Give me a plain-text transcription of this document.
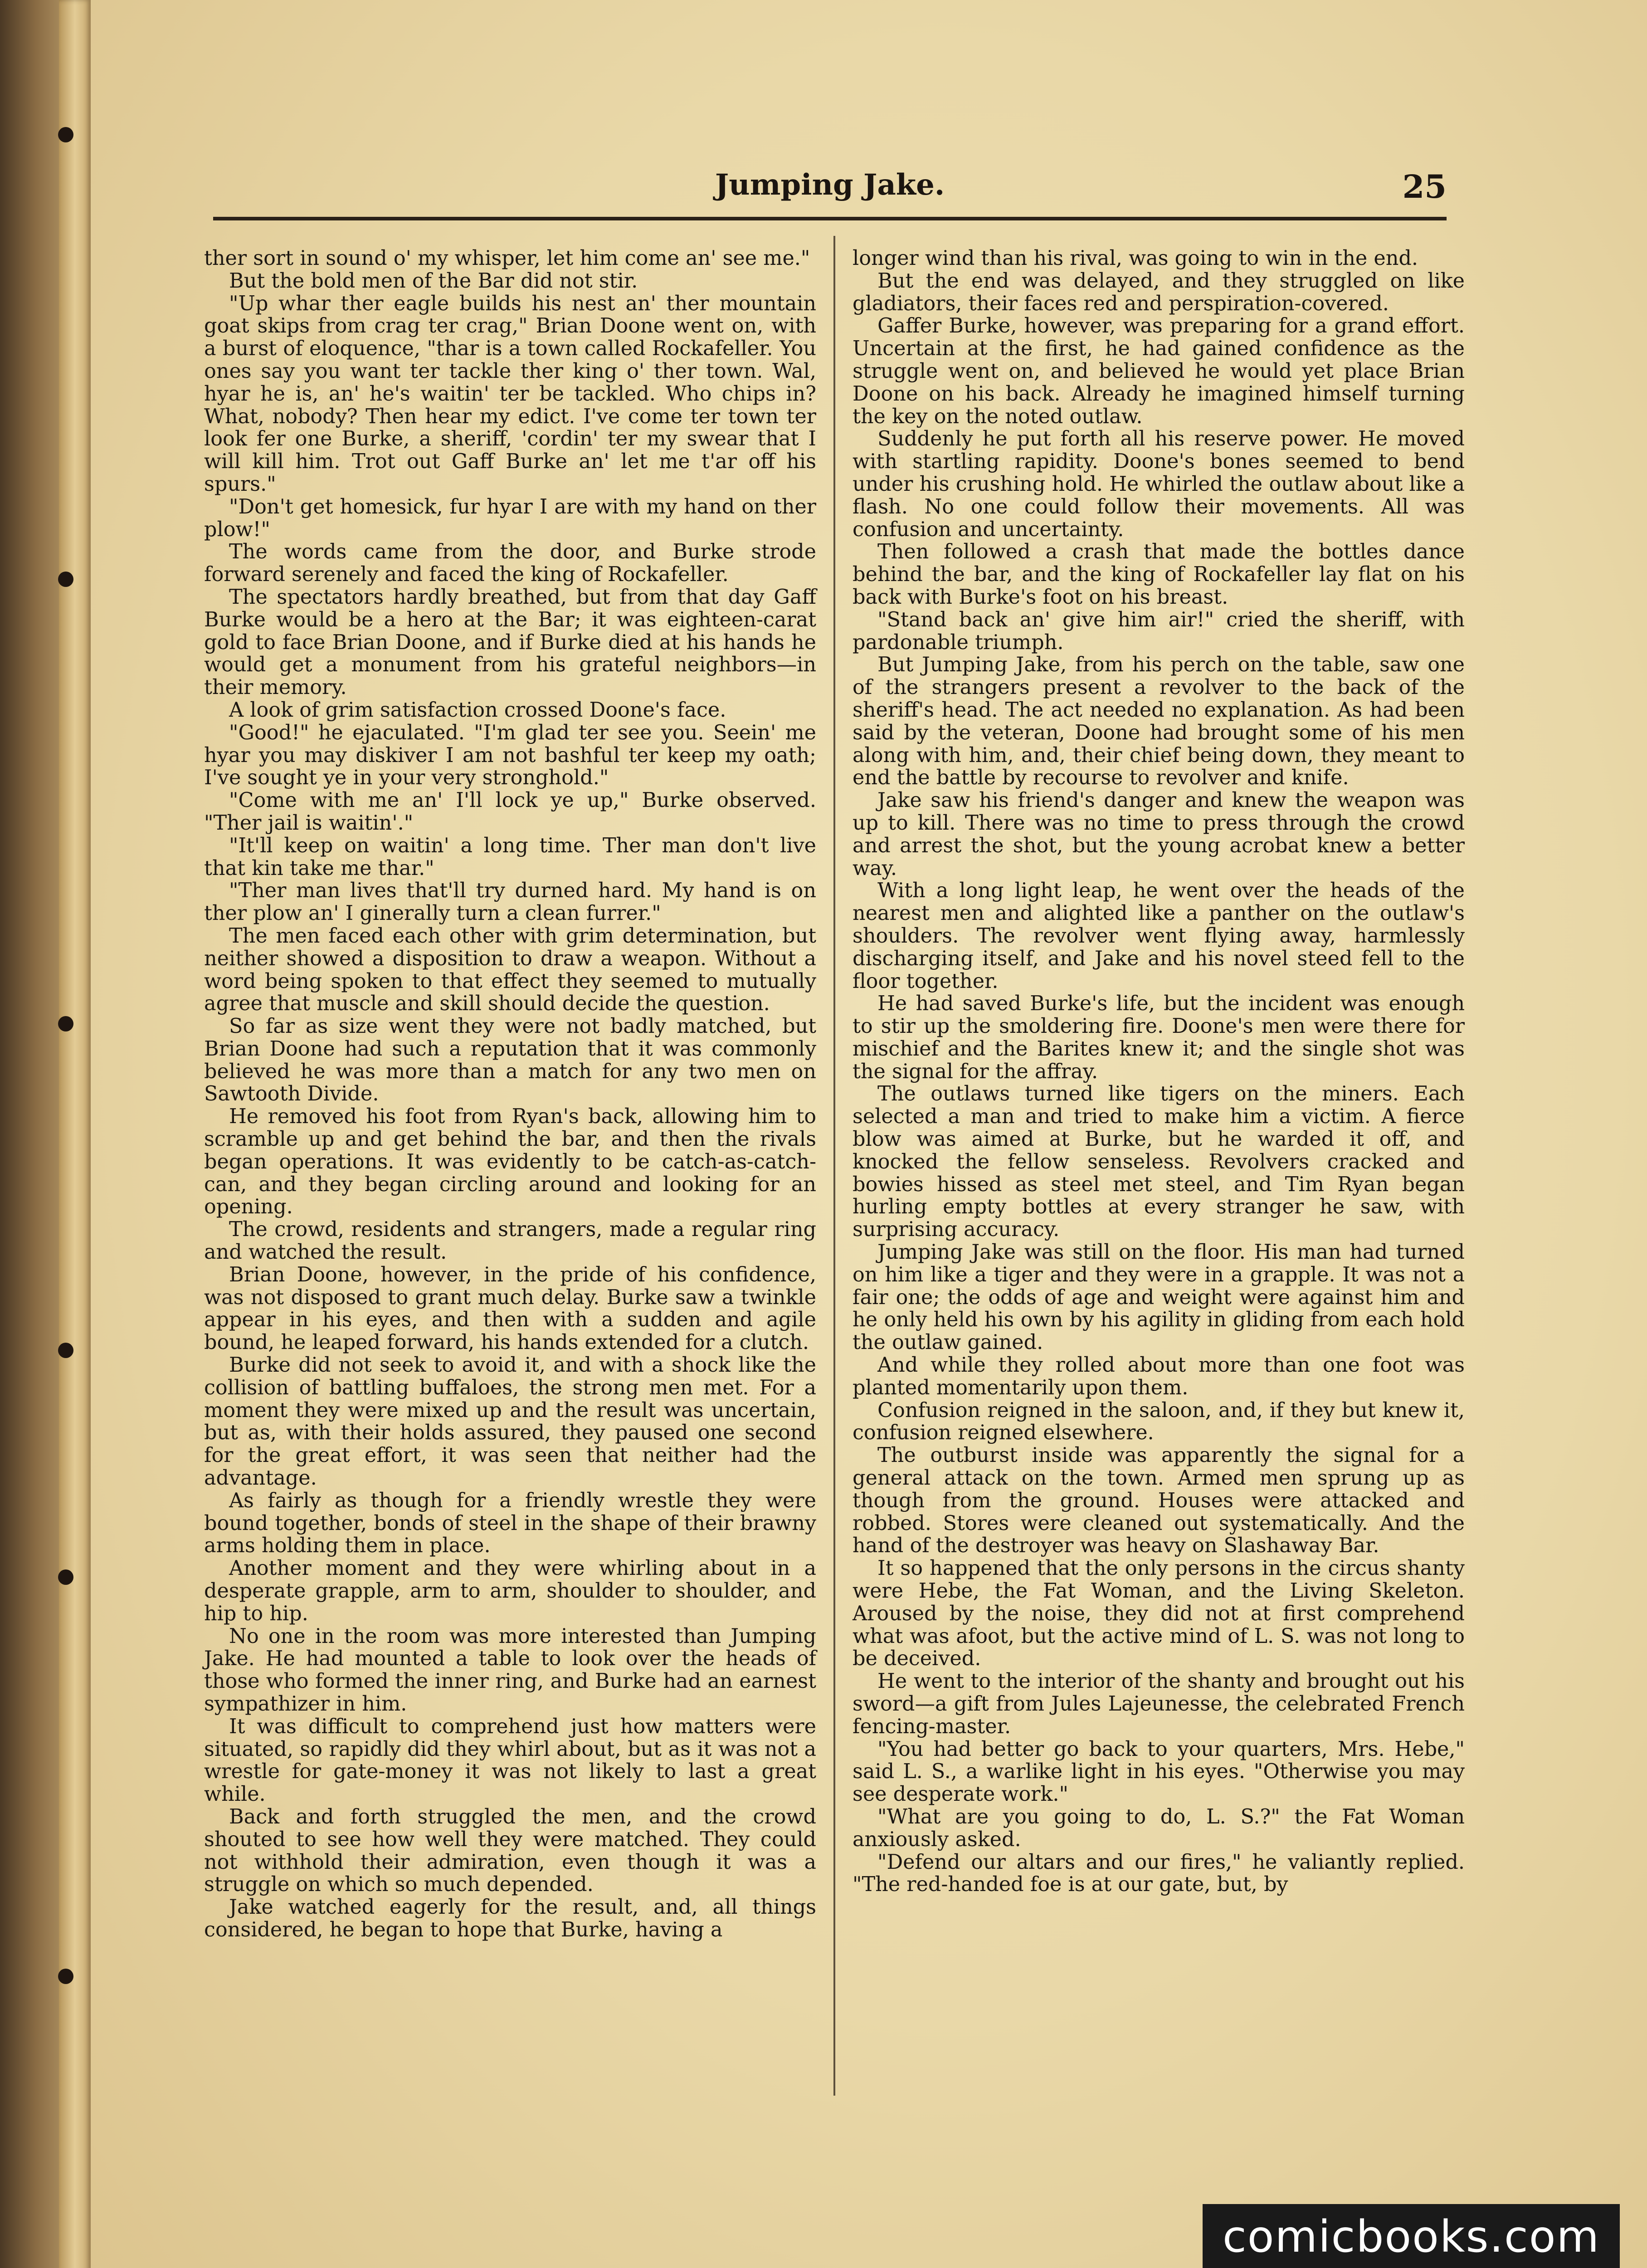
Jumping Jake.	25

ther sort in sound o' my whisper, let him come an' see me."

But the bold men of the Bar did not stir.

"Up whar ther eagle builds his nest an' ther mountain goat skips from crag ter crag," Brian Doone went on, with a burst of eloquence, "thar is a town called Rockafeller. You ones say you want ter tackle ther king o' ther town. Wal, hyar he is, an' he's waitin' ter be tackled. Who chips in? What, nobody? Then hear my edict. I've come ter town ter look fer one Burke, a sheriff, 'cordin' ter my swear that I will kill him. Trot out Gaff Burke an' let me t'ar off his spurs."

"Don't get homesick, fur hyar I are with my hand on ther plow!"

The words came from the door, and Burke strode forward serenely and faced the king of Rockafeller.

The spectators hardly breathed, but from that day Gaff Burke would be a hero at the Bar; it was eighteen-carat gold to face Brian Doone, and if Burke died at his hands he would get a monument from his grateful neighbors—in their memory.

A look of grim satisfaction crossed Doone's face.

"Good!" he ejaculated. "I'm glad ter see you. Seein' me hyar you may diskiver I am not bashful ter keep my oath; I've sought ye in your very stronghold."

"Come with me an' I'll lock ye up," Burke observed. "Ther jail is waitin'."

"It'll keep on waitin' a long time. Ther man don't live that kin take me thar."

"Ther man lives that'll try durned hard. My hand is on ther plow an' I ginerally turn a clean furrer."

The men faced each other with grim determination, but neither showed a disposition to draw a weapon. Without a word being spoken to that effect they seemed to mutually agree that muscle and skill should decide the question.

So far as size went they were not badly matched, but Brian Doone had such a reputation that it was commonly believed he was more than a match for any two men on Sawtooth Divide.

He removed his foot from Ryan's back, allowing him to scramble up and get behind the bar, and then the rivals began operations. It was evidently to be catch-as-catch-can, and they began circling around and looking for an opening.

The crowd, residents and strangers, made a regular ring and watched the result.

Brian Doone, however, in the pride of his confidence, was not disposed to grant much delay. Burke saw a twinkle appear in his eyes, and then with a sudden and agile bound, he leaped forward, his hands extended for a clutch.

Burke did not seek to avoid it, and with a shock like the collision of battling buffaloes, the strong men met. For a moment they were mixed up and the result was uncertain, but as, with their holds assured, they paused one second for the great effort, it was seen that neither had the advantage.

As fairly as though for a friendly wrestle they were bound together, bonds of steel in the shape of their brawny arms holding them in place.

Another moment and they were whirling about in a desperate grapple, arm to arm, shoulder to shoulder, and hip to hip.

No one in the room was more interested than Jumping Jake. He had mounted a table to look over the heads of those who formed the inner ring, and Burke had an earnest sympathizer in him.

It was difficult to comprehend just how matters were situated, so rapidly did they whirl about, but as it was not a wrestle for gate-money it was not likely to last a great while.

Back and forth struggled the men, and the crowd shouted to see how well they were matched. They could not withhold their admiration, even though it was a struggle on which so much depended.

Jake watched eagerly for the result, and, all things considered, he began to hope that Burke, having a

longer wind than his rival, was going to win in the end.

But the end was delayed, and they struggled on like gladiators, their faces red and perspiration-covered.

Gaffer Burke, however, was preparing for a grand effort. Uncertain at the first, he had gained confidence as the struggle went on, and believed he would yet place Brian Doone on his back. Already he imagined himself turning the key on the noted outlaw.

Suddenly he put forth all his reserve power. He moved with startling rapidity. Doone's bones seemed to bend under his crushing hold. He whirled the outlaw about like a flash. No one could follow their movements. All was confusion and uncertainty.

Then followed a crash that made the bottles dance behind the bar, and the king of Rockafeller lay flat on his back with Burke's foot on his breast.

"Stand back an' give him air!" cried the sheriff, with pardonable triumph.

But Jumping Jake, from his perch on the table, saw one of the strangers present a revolver to the back of the sheriff's head. The act needed no explanation. As had been said by the veteran, Doone had brought some of his men along with him, and, their chief being down, they meant to end the battle by recourse to revolver and knife.

Jake saw his friend's danger and knew the weapon was up to kill. There was no time to press through the crowd and arrest the shot, but the young acrobat knew a better way.

With a long light leap, he went over the heads of the nearest men and alighted like a panther on the outlaw's shoulders. The revolver went flying away, harmlessly discharging itself, and Jake and his novel steed fell to the floor together.

He had saved Burke's life, but the incident was enough to stir up the smoldering fire. Doone's men were there for mischief and the Barites knew it; and the single shot was the signal for the affray.

The outlaws turned like tigers on the miners. Each selected a man and tried to make him a victim. A fierce blow was aimed at Burke, but he warded it off, and knocked the fellow senseless. Revolvers cracked and bowies hissed as steel met steel, and Tim Ryan began hurling empty bottles at every stranger he saw, with surprising accuracy.

Jumping Jake was still on the floor. His man had turned on him like a tiger and they were in a grapple. It was not a fair one; the odds of age and weight were against him and he only held his own by his agility in gliding from each hold the outlaw gained.

And while they rolled about more than one foot was planted momentarily upon them.

Confusion reigned in the saloon, and, if they but knew it, confusion reigned elsewhere.

The outburst inside was apparently the signal for a general attack on the town. Armed men sprung up as though from the ground. Houses were attacked and robbed. Stores were cleaned out systematically. And the hand of the destroyer was heavy on Slashaway Bar.

It so happened that the only persons in the circus shanty were Hebe, the Fat Woman, and the Living Skeleton. Aroused by the noise, they did not at first comprehend what was afoot, but the active mind of L. S. was not long to be deceived.

He went to the interior of the shanty and brought out his sword—a gift from Jules Lajeunesse, the celebrated French fencing-master.

"You had better go back to your quarters, Mrs. Hebe," said L. S., a warlike light in his eyes. "Otherwise you may see desperate work."

"What are you going to do, L. S.?" the Fat Woman anxiously asked.

"Defend our altars and our fires," he valiantly replied. "The red-handed foe is at our gate, but, by

comicbooks.com
